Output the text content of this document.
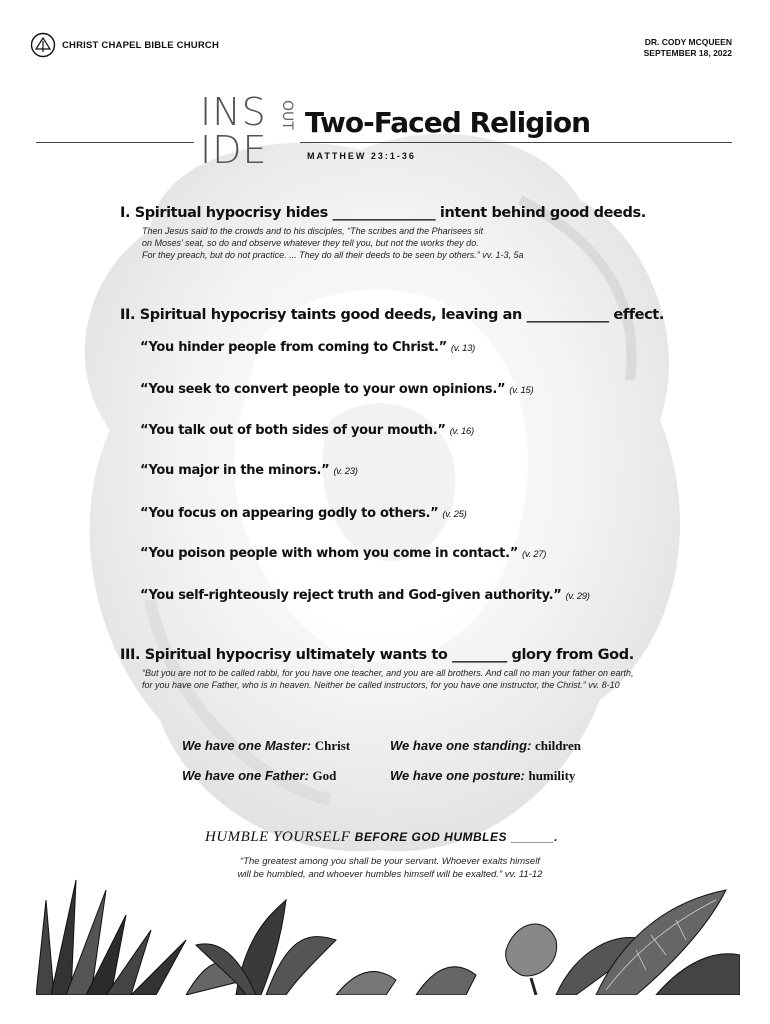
CHRIST CHAPEL BIBLE CHURCH	DR. CODY MCQUEEN
SEPTEMBER 18, 2022
INS
IDE
OUT Two-Faced Religion
MATTHEW 23:1-36
I. Spiritual hypocrisy hides _______________ intent behind good deeds.
Then Jesus said to the crowds and to his disciples, “The scribes and the Pharisees sit
on Moses’ seat, so do and observe whatever they tell you, but not the works they do.
For they preach, but do not practice. ... They do all their deeds to be seen by others.” vv. 1-3, 5a
II. Spiritual hypocrisy taints good deeds, leaving an ____________ effect.
“You hinder people from coming to Christ.” (v. 13)
“You seek to convert people to your own opinions.” (v. 15)
“You talk out of both sides of your mouth.” (v. 16)
“You major in the minors.” (v. 23)
“You focus on appearing godly to others.” (v. 25)
“You poison people with whom you come in contact.” (v. 27)
“You self-righteously reject truth and God-given authority.” (v. 29)
III. Spiritual hypocrisy ultimately wants to ________ glory from God.
“But you are not to be called rabbi, for you have one teacher, and you are all brothers. And call no man your father on earth,
for you have one Father, who is in heaven. Neither be called instructors, for you have one instructor, the Christ.” vv. 8-10
We have one Master: Christ	We have one standing: children
We have one Father: God	We have one posture: humility
HUMBLE YOURSELF BEFORE GOD HUMBLES ______.
“The greatest among you shall be your servant. Whoever exalts himself
will be humbled, and whoever humbles himself will be exalted.” vv. 11-12
